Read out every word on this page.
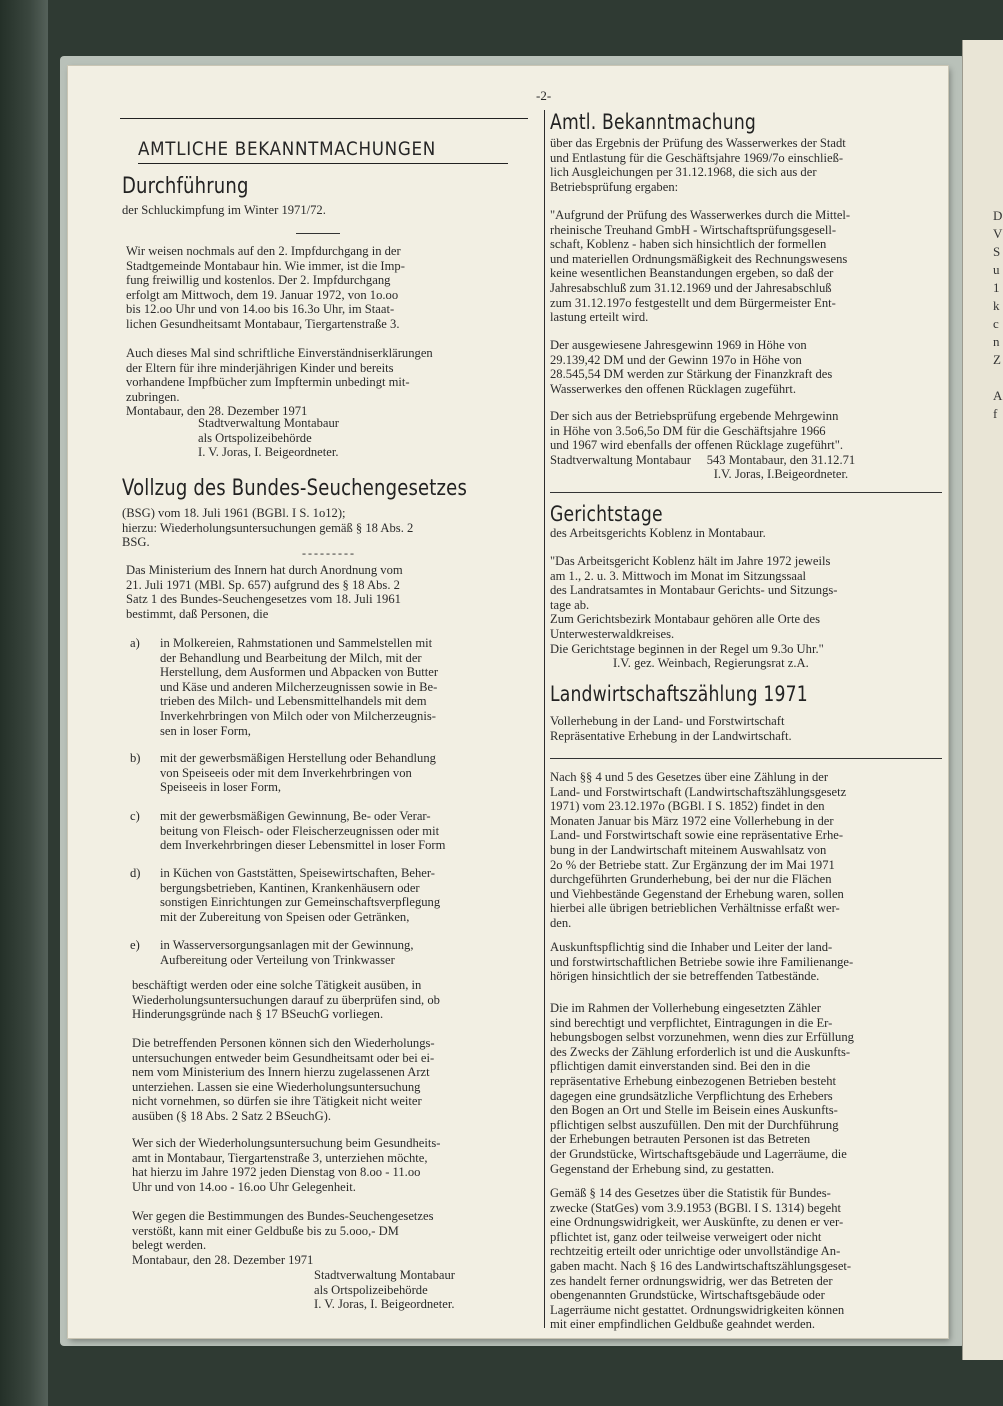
D
V
S
u
1
k
c
n
Z
A
f
-2-
AMTLICHE BEKANNTMACHUNGEN
Durchführung
der Schluckimpfung im Winter 1971/72.
Wir weisen nochmals auf den 2. Impfdurchgang in der
Stadtgemeinde Montabaur hin. Wie immer, ist die Imp-
fung freiwillig und kostenlos. Der 2. Impfdurchgang
erfolgt am Mittwoch, dem 19. Januar 1972, von 1o.oo
bis 12.oo Uhr und von 14.oo bis 16.3o Uhr, im Staat-
lichen Gesundheitsamt Montabaur, Tiergartenstraße 3.
Auch dieses Mal sind schriftliche Einverständniserklärungen
der Eltern für ihre minderjährigen Kinder und bereits
vorhandene Impfbücher zum Impftermin unbedingt mit-
zubringen.
Montabaur, den 28. Dezember 1971
Stadtverwaltung Montabaur
als Ortspolizeibehörde
I. V. Joras, I. Beigeordneter.
Vollzug des Bundes-Seuchengesetzes
(BSG) vom 18. Juli 1961 (BGBl. I S. 1o12);
hierzu: Wiederholungsuntersuchungen gemäß § 18 Abs. 2
BSG.
---------
Das Ministerium des Innern hat durch Anordnung vom
21. Juli 1971 (MBl. Sp. 657) aufgrund des § 18 Abs. 2
Satz 1 des Bundes-Seuchengesetzes vom 18. Juli 1961
bestimmt, daß Personen, die
a) in Molkereien, Rahmstationen und Sammelstellen mit
der Behandlung und Bearbeitung der Milch, mit der
Herstellung, dem Ausformen und Abpacken von Butter
und Käse und anderen Milcherzeugnissen sowie in Be-
trieben des Milch- und Lebensmittelhandels mit dem
Inverkehrbringen von Milch oder von Milcherzeugnis-
sen in loser Form,
b) mit der gewerbsmäßigen Herstellung oder Behandlung
von Speiseeis oder mit dem Inverkehrbringen von
Speiseeis in loser Form,
c) mit der gewerbsmäßigen Gewinnung, Be- oder Verar-
beitung von Fleisch- oder Fleischerzeugnissen oder mit
dem Inverkehrbringen dieser Lebensmittel in loser Form
d) in Küchen von Gaststätten, Speisewirtschaften, Beher-
bergungsbetrieben, Kantinen, Krankenhäusern oder
sonstigen Einrichtungen zur Gemeinschaftsverpflegung
mit der Zubereitung von Speisen oder Getränken,
e) in Wasserversorgungsanlagen mit der Gewinnung,
Aufbereitung oder Verteilung von Trinkwasser
beschäftigt werden oder eine solche Tätigkeit ausüben, in
Wiederholungsuntersuchungen darauf zu überprüfen sind, ob
Hinderungsgründe nach § 17 BSeuchG vorliegen.
Die betreffenden Personen können sich den Wiederholungs-
untersuchungen entweder beim Gesundheitsamt oder bei ei-
nem vom Ministerium des Innern hierzu zugelassenen Arzt
unterziehen. Lassen sie eine Wiederholungsuntersuchung
nicht vornehmen, so dürfen sie ihre Tätigkeit nicht weiter
ausüben (§ 18 Abs. 2 Satz 2 BSeuchG).
Wer sich der Wiederholungsuntersuchung beim Gesundheits-
amt in Montabaur, Tiergartenstraße 3, unterziehen möchte,
hat hierzu im Jahre 1972 jeden Dienstag von 8.oo - 11.oo
Uhr und von 14.oo - 16.oo Uhr Gelegenheit.
Wer gegen die Bestimmungen des Bundes-Seuchengesetzes
verstößt, kann mit einer Geldbuße bis zu 5.ooo,- DM
belegt werden.
Montabaur, den 28. Dezember 1971
Stadtverwaltung Montabaur
als Ortspolizeibehörde
I. V. Joras, I. Beigeordneter.
Amtl. Bekanntmachung
über das Ergebnis der Prüfung des Wasserwerkes der Stadt
und Entlastung für die Geschäftsjahre 1969/7o einschließ-
lich Ausgleichungen per 31.12.1968, die sich aus der
Betriebsprüfung ergaben:
"Aufgrund der Prüfung des Wasserwerkes durch die Mittel-
rheinische Treuhand GmbH - Wirtschaftsprüfungsgesell-
schaft, Koblenz - haben sich hinsichtlich der formellen
und materiellen Ordnungsmäßigkeit des Rechnungswesens
keine wesentlichen Beanstandungen ergeben, so daß der
Jahresabschluß zum 31.12.1969 und der Jahresabschluß
zum 31.12.197o festgestellt und dem Bürgermeister Ent-
lastung erteilt wird.
Der ausgewiesene Jahresgewinn 1969 in Höhe von
29.139,42 DM und der Gewinn 197o in Höhe von
28.545,54 DM werden zur Stärkung der Finanzkraft des
Wasserwerkes den offenen Rücklagen zugeführt.
Der sich aus der Betriebsprüfung ergebende Mehrgewinn
in Höhe von 3.5o6,5o DM für die Geschäftsjahre 1966
und 1967 wird ebenfalls der offenen Rücklage zugeführt".
Stadtverwaltung Montabaur     543 Montabaur, den 31.12.71
I.V. Joras, I.Beigeordneter.
Gerichtstage
des Arbeitsgerichts Koblenz in Montabaur.
"Das Arbeitsgericht Koblenz hält im Jahre 1972 jeweils
am 1., 2. u. 3. Mittwoch im Monat im Sitzungssaal
des Landratsamtes in Montabaur Gerichts- und Sitzungs-
tage ab.
Zum Gerichtsbezirk Montabaur gehören alle Orte des
Unterwesterwaldkreises.
Die Gerichtstage beginnen in der Regel um 9.3o Uhr."
I.V. gez. Weinbach, Regierungsrat z.A.
Landwirtschaftszählung 1971
Vollerhebung in der Land- und Forstwirtschaft
Repräsentative Erhebung in der Landwirtschaft.
Nach §§ 4 und 5 des Gesetzes über eine Zählung in der
Land- und Forstwirtschaft (Landwirtschaftszählungsgesetz
1971) vom 23.12.197o (BGBl. I S. 1852) findet in den
Monaten Januar bis März 1972 eine Vollerhebung in der
Land- und Forstwirtschaft sowie eine repräsentative Erhe-
bung in der Landwirtschaft miteinem Auswahlsatz von
2o % der Betriebe statt. Zur Ergänzung der im Mai 1971
durchgeführten Grunderhebung, bei der nur die Flächen
und Viehbestände Gegenstand der Erhebung waren, sollen
hierbei alle übrigen betrieblichen Verhältnisse erfaßt wer-
den.
Auskunftspflichtig sind die Inhaber und Leiter der land-
und forstwirtschaftlichen Betriebe sowie ihre Familienange-
hörigen hinsichtlich der sie betreffenden Tatbestände.
Die im Rahmen der Vollerhebung eingesetzten Zähler
sind berechtigt und verpflichtet, Eintragungen in die Er-
hebungsbogen selbst vorzunehmen, wenn dies zur Erfüllung
des Zwecks der Zählung erforderlich ist und die Auskunfts-
pflichtigen damit einverstanden sind. Bei den in die
repräsentative Erhebung einbezogenen Betrieben besteht
dagegen eine grundsätzliche Verpflichtung des Erhebers
den Bogen an Ort und Stelle im Beisein eines Auskunfts-
pflichtigen selbst auszufüllen. Den mit der Durchführung
der Erhebungen betrauten Personen ist das Betreten
der Grundstücke, Wirtschaftsgebäude und Lagerräume, die
Gegenstand der Erhebung sind, zu gestatten.
Gemäß § 14 des Gesetzes über die Statistik für Bundes-
zwecke (StatGes) vom 3.9.1953 (BGBl. I S. 1314) begeht
eine Ordnungswidrigkeit, wer Auskünfte, zu denen er ver-
pflichtet ist, ganz oder teilweise verweigert oder nicht
rechtzeitig erteilt oder unrichtige oder unvollständige An-
gaben macht. Nach § 16 des Landwirtschaftszählungsgeset-
zes handelt ferner ordnungswidrig, wer das Betreten der
obengenannten Grundstücke, Wirtschaftsgebäude oder
Lagerräume nicht gestattet. Ordnungswidrigkeiten können
mit einer empfindlichen Geldbuße geahndet werden.
